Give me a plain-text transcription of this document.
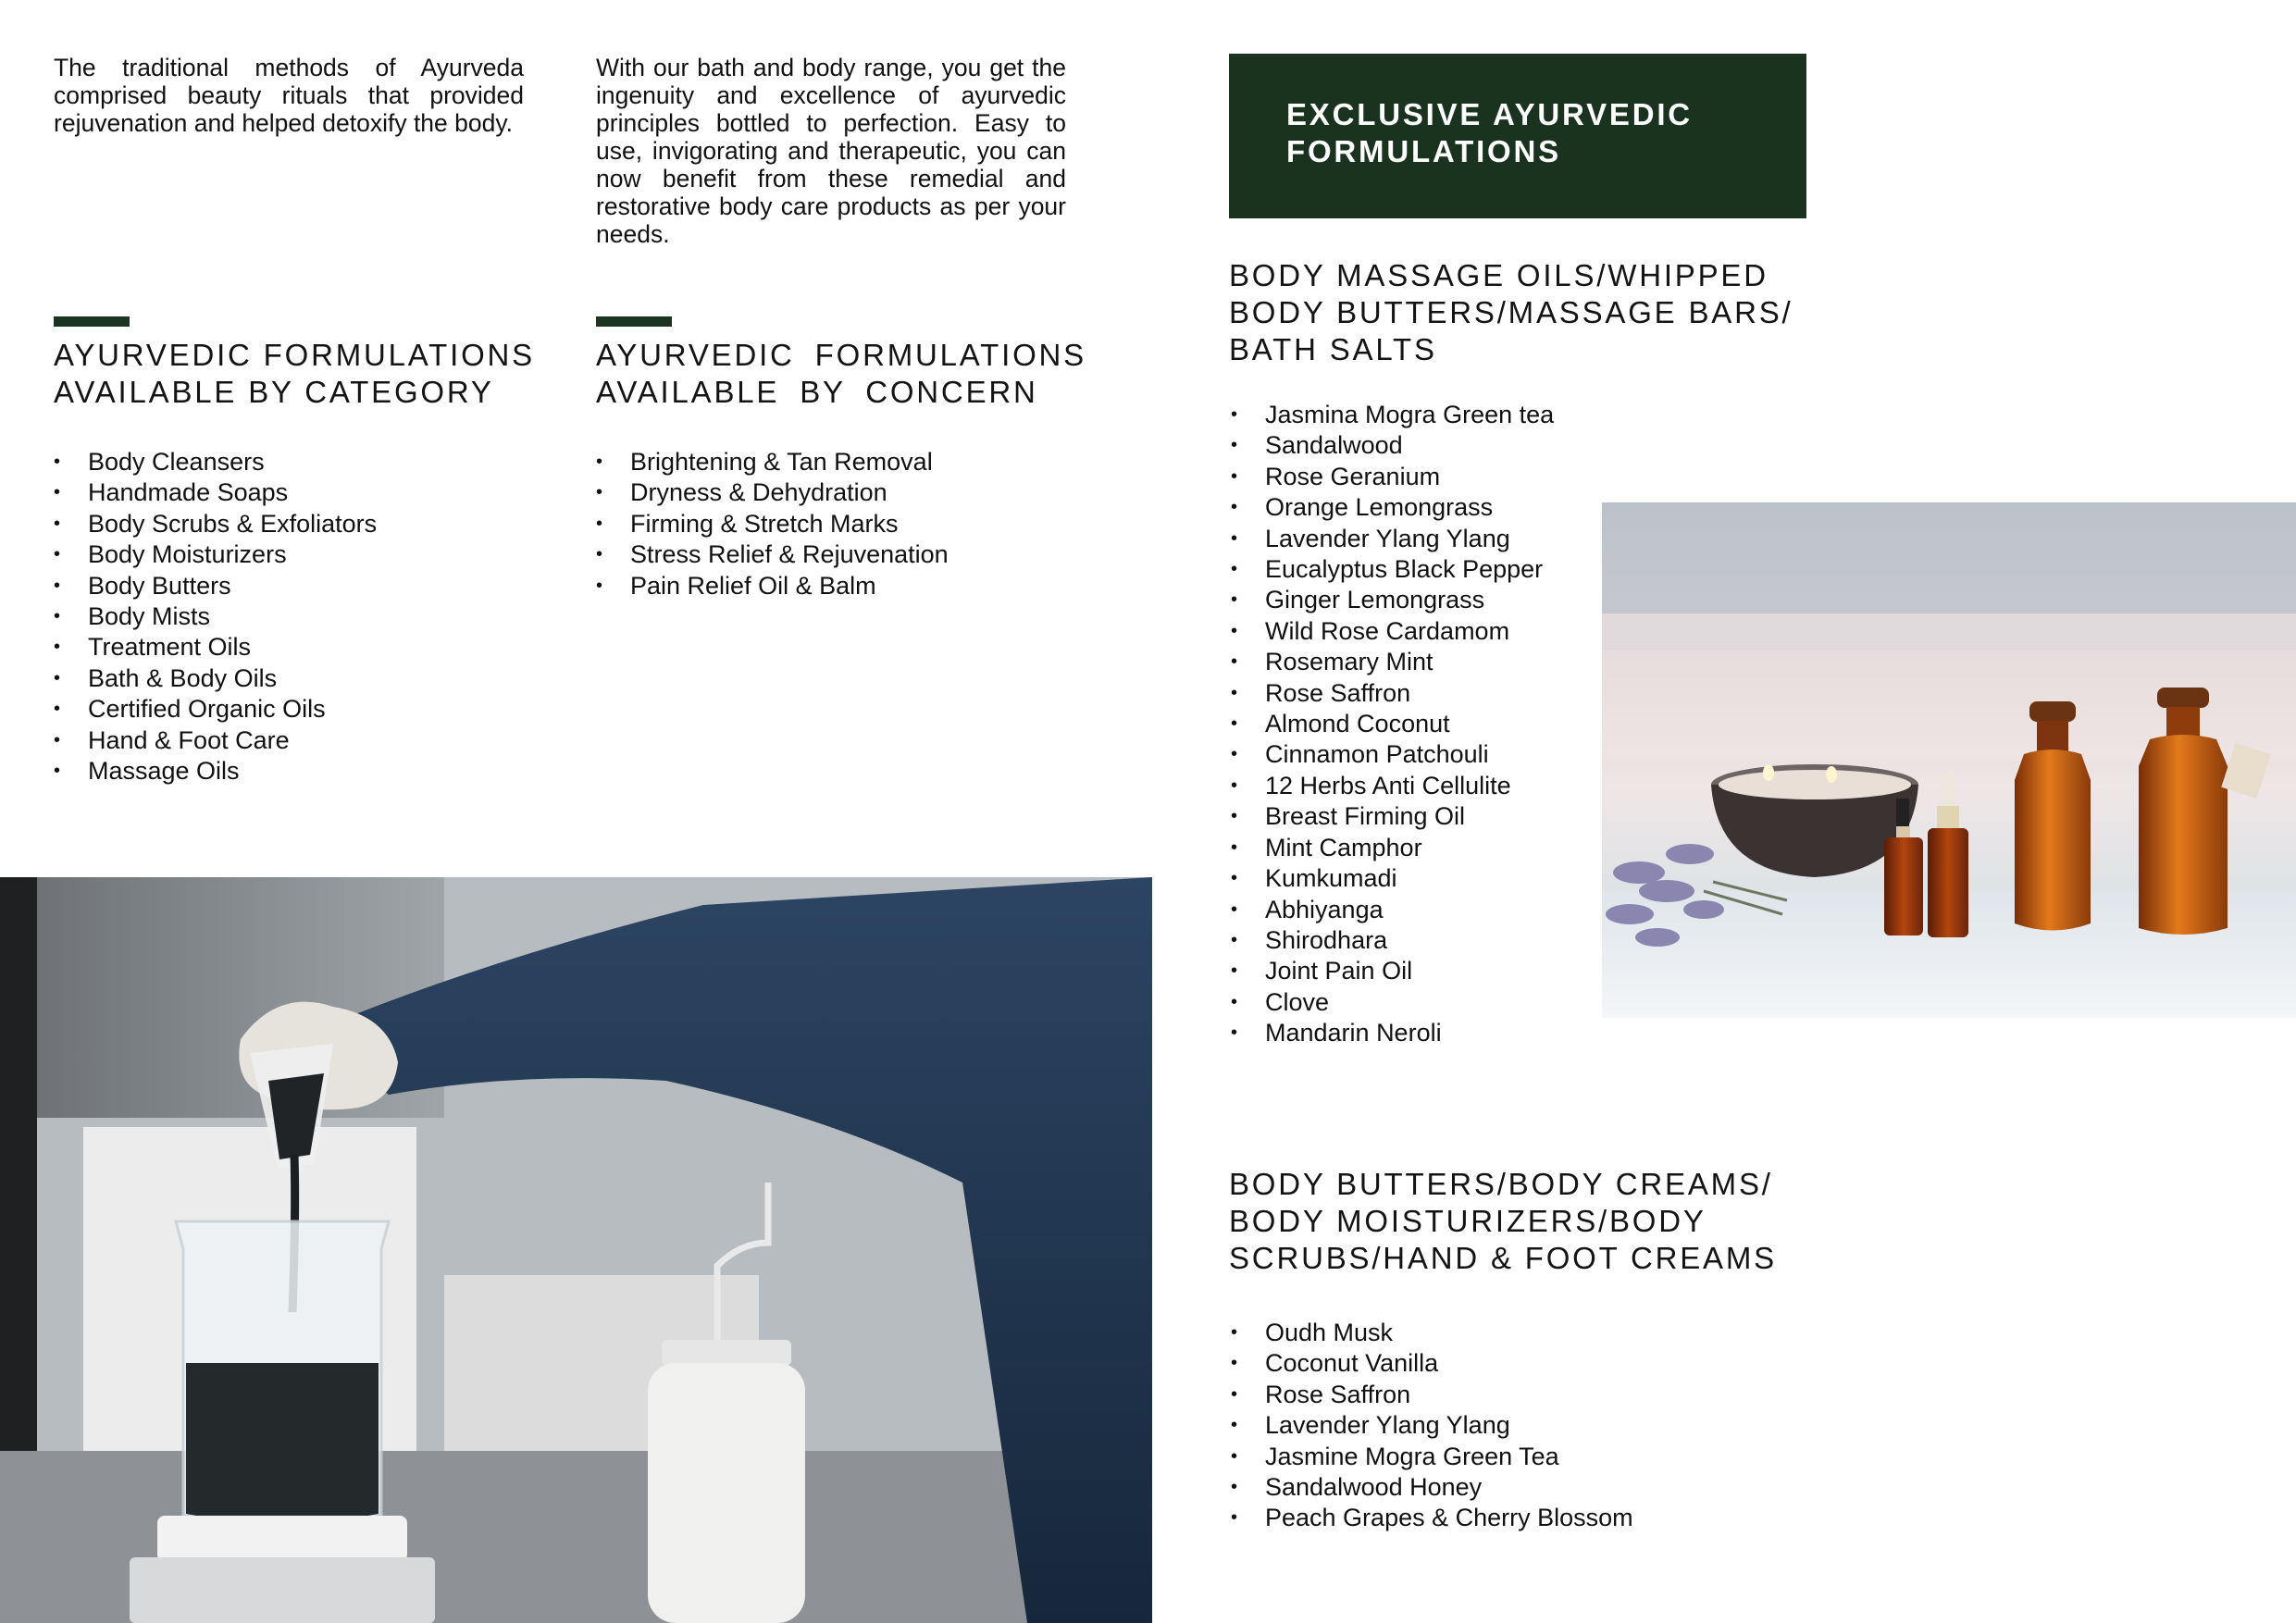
The traditional methods of Ayurveda comprised beauty rituals that provided rejuvenation and helped detoxify the body.

With our bath and body range, you get the ingenuity and excellence of ayurvedic principles bottled to perfection. Easy to use, invigorating and therapeutic, you can now benefit from these remedial and restorative body care products as per your needs.

AYURVEDIC FORMULATIONS
AVAILABLE BY CATEGORY
• Body Cleansers
• Handmade Soaps
• Body Scrubs & Exfoliators
• Body Moisturizers
• Body Butters
• Body Mists
• Treatment Oils
• Bath & Body Oils
• Certified Organic Oils
• Hand & Foot Care
• Massage Oils
AYURVEDIC FORMULATIONS
AVAILABLE BY CONCERN
• Brightening & Tan Removal
• Dryness & Dehydration
• Firming & Stretch Marks
• Stress Relief & Rejuvenation
• Pain Relief Oil & Balm
EXCLUSIVE AYURVEDIC
FORMULATIONS
BODY MASSAGE OILS/WHIPPED
BODY BUTTERS/MASSAGE BARS/
BATH SALTS
• Jasmina Mogra Green tea
• Sandalwood
• Rose Geranium
• Orange Lemongrass
• Lavender Ylang Ylang
• Eucalyptus Black Pepper
• Ginger Lemongrass
• Wild Rose Cardamom
• Rosemary Mint
• Rose Saffron
• Almond Coconut
• Cinnamon Patchouli
• 12 Herbs Anti Cellulite
• Breast Firming Oil
• Mint Camphor
• Kumkumadi
• Abhiyanga
• Shirodhara
• Joint Pain Oil
• Clove
• Mandarin Neroli
BODY BUTTERS/BODY CREAMS/
BODY MOISTURIZERS/BODY
SCRUBS/HAND & FOOT CREAMS
• Oudh Musk
• Coconut Vanilla
• Rose Saffron
• Lavender Ylang Ylang
• Jasmine Mogra Green Tea
• Sandalwood Honey
• Peach Grapes & Cherry Blossom
